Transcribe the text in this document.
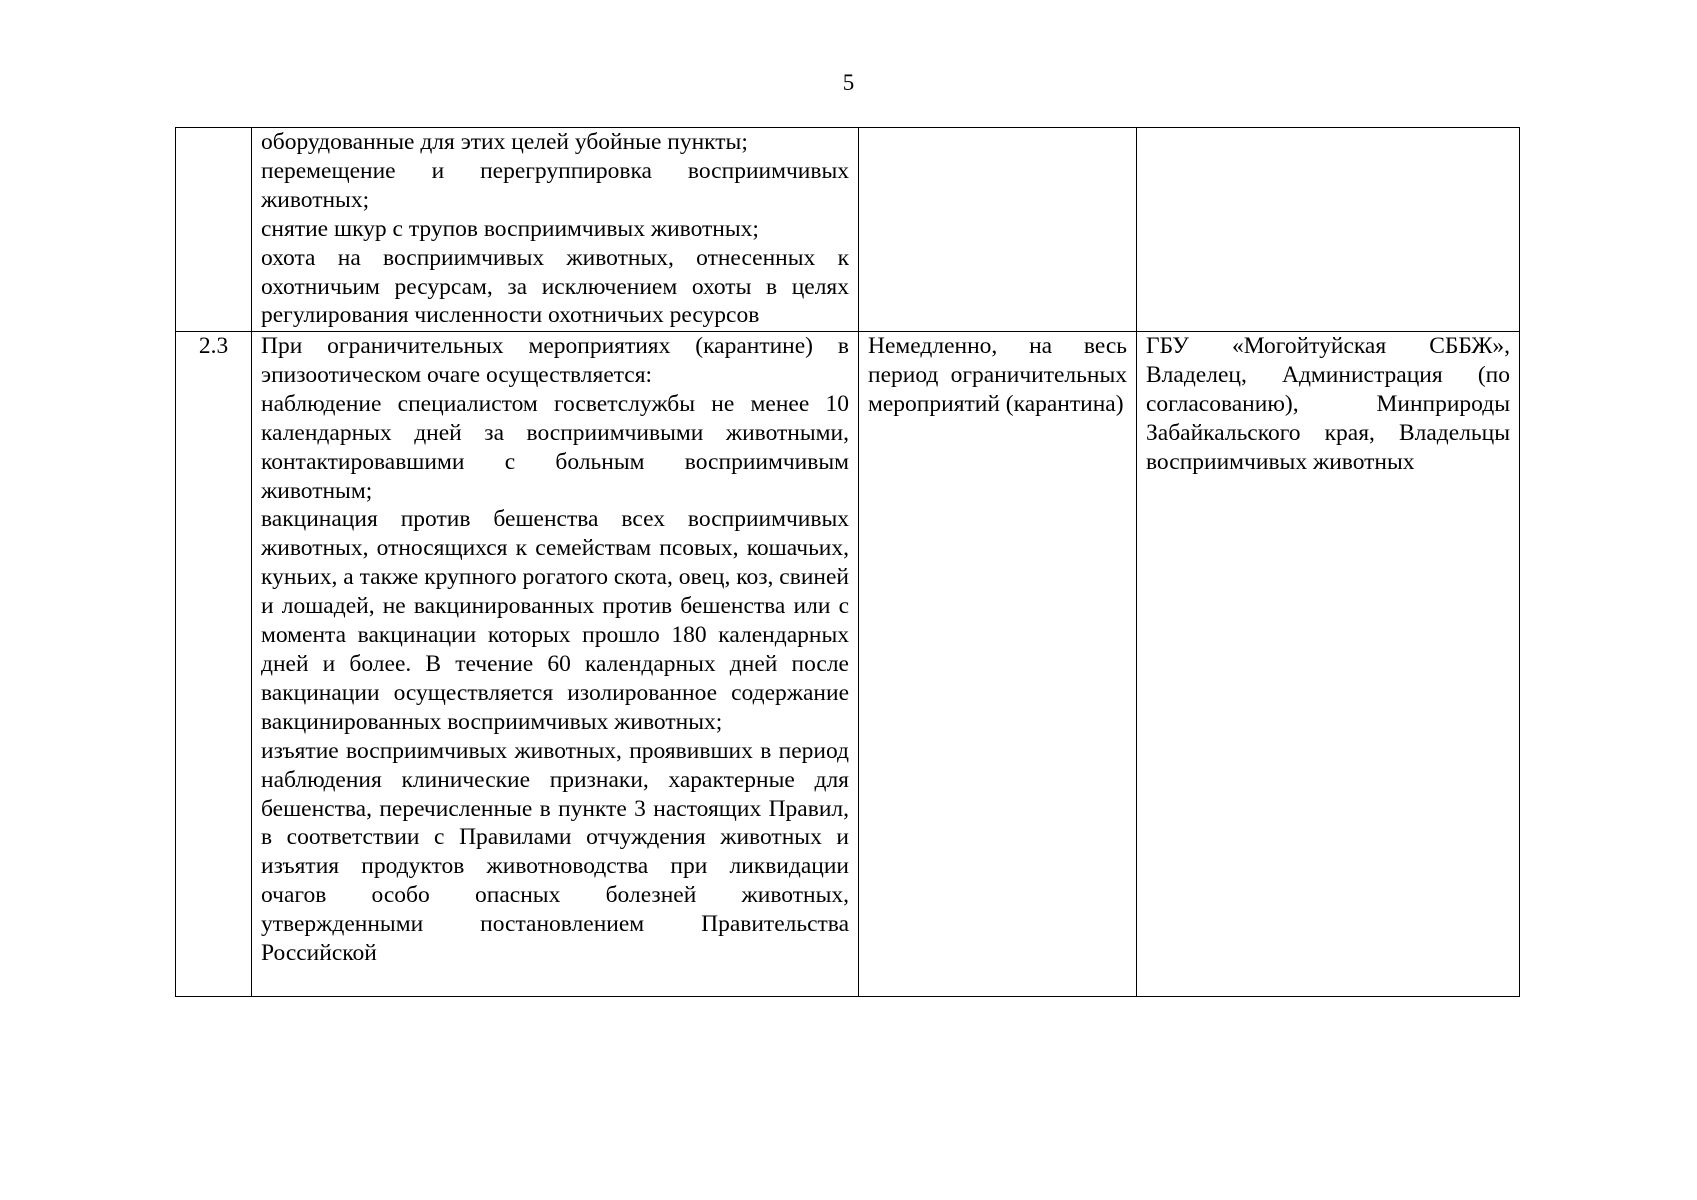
5

	оборудованные для этих целей убойные пункты;
перемещение и перегруппировка восприимчивых животных;
снятие шкур с трупов восприимчивых животных;
охота на восприимчивых животных, отнесенных к охотничьим ресурсам, за исключением охоты в целях регулирования численности охотничьих ресурсов		

2.3	При ограничительных мероприятиях (карантине) в эпизоотическом очаге осуществляется:
наблюдение специалистом госветслужбы не менее 10 календарных дней за восприимчивыми животными, контактировавшими с больным восприимчивым животным;
вакцинация против бешенства всех восприимчивых животных, относящихся к семействам псовых, кошачьих, куньих, а также крупного рогатого скота, овец, коз, свиней и лошадей, не вакцинированных против бешенства или с момента вакцинации которых прошло 180 календарных дней и более. В течение 60 календарных дней после вакцинации осуществляется изолированное содержание вакцинированных восприимчивых животных;
изъятие восприимчивых животных, проявивших в период наблюдения клинические признаки, характерные для бешенства, перечисленные в пункте 3 настоящих Правил, в соответствии с Правилами отчуждения животных и изъятия продуктов животноводства при ликвидации очагов особо опасных болезней животных, утвержденными постановлением Правительства Российской	Немедленно, на весь период ограничительных мероприятий (карантина)	ГБУ «Могойтуйская СББЖ», Владелец, Администрация (по согласованию), Минприроды Забайкальского края, Владельцы восприимчивых животных
